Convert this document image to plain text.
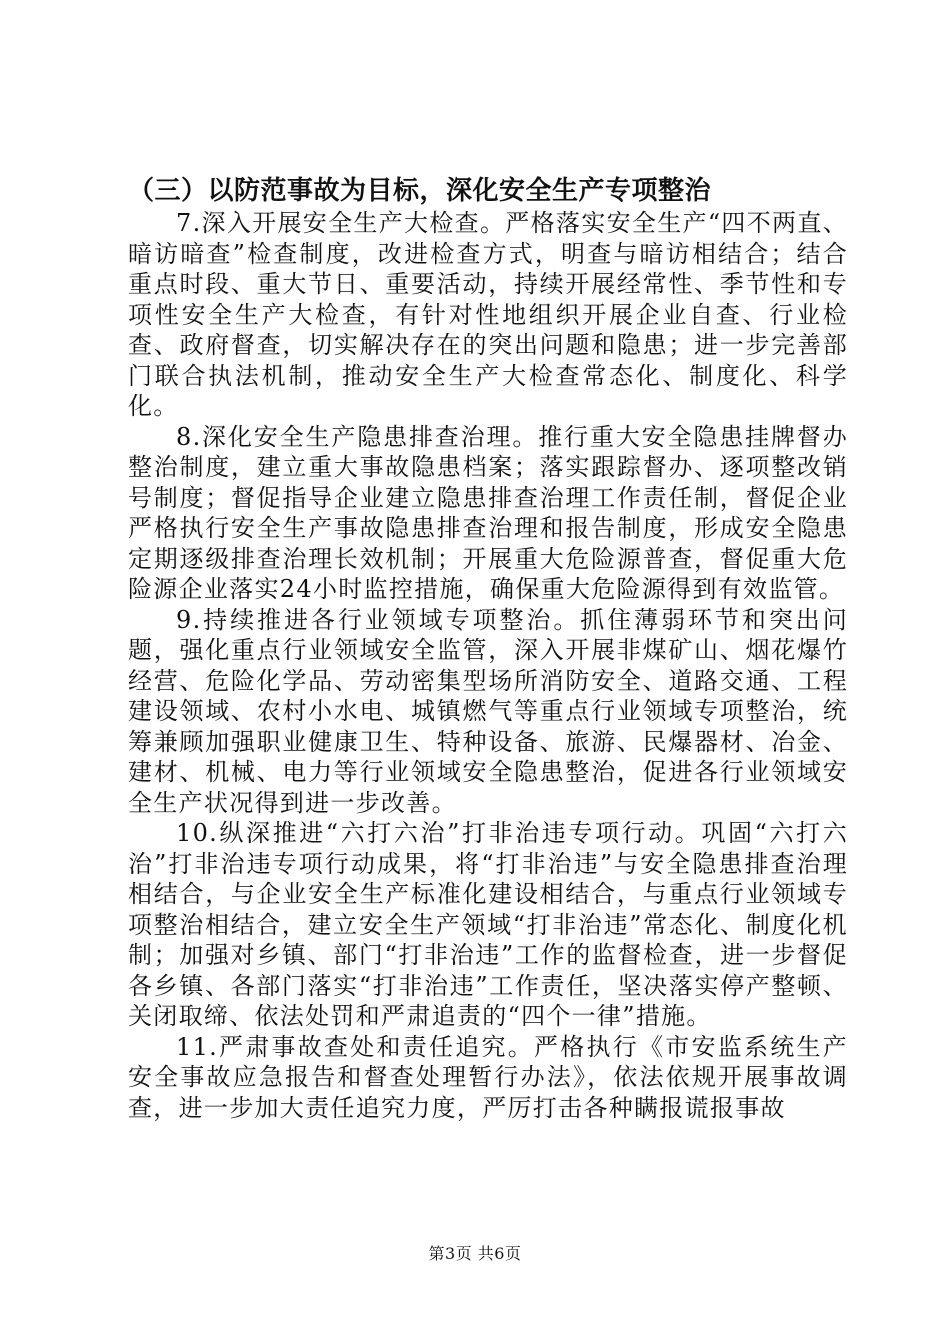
（三）以防范事故为目标，深化安全生产专项整治

7.深入开展安全生产大检查。严格落实安全生产“四不两直、暗访暗查”检查制度，改进检查方式，明查与暗访相结合；结合重点时段、重大节日、重要活动，持续开展经常性、季节性和专项性安全生产大检查，有针对性地组织开展企业自查、行业检查、政府督查，切实解决存在的突出问题和隐患；进一步完善部门联合执法机制，推动安全生产大检查常态化、制度化、科学化。

8.深化安全生产隐患排查治理。推行重大安全隐患挂牌督办整治制度，建立重大事故隐患档案；落实跟踪督办、逐项整改销号制度；督促指导企业建立隐患排查治理工作责任制，督促企业严格执行安全生产事故隐患排查治理和报告制度，形成安全隐患定期逐级排查治理长效机制；开展重大危险源普查，督促重大危险源企业落实24小时监控措施，确保重大危险源得到有效监管。

9.持续推进各行业领域专项整治。抓住薄弱环节和突出问题，强化重点行业领域安全监管，深入开展非煤矿山、烟花爆竹经营、危险化学品、劳动密集型场所消防安全、道路交通、工程建设领域、农村小水电、城镇燃气等重点行业领域专项整治，统筹兼顾加强职业健康卫生、特种设备、旅游、民爆器材、冶金、建材、机械、电力等行业领域安全隐患整治，促进各行业领域安全生产状况得到进一步改善。

10.纵深推进“六打六治”打非治违专项行动。巩固“六打六治”打非治违专项行动成果，将“打非治违”与安全隐患排查治理相结合，与企业安全生产标准化建设相结合，与重点行业领域专项整治相结合，建立安全生产领域“打非治违”常态化、制度化机制；加强对乡镇、部门“打非治违”工作的监督检查，进一步督促各乡镇、各部门落实“打非治违”工作责任，坚决落实停产整顿、关闭取缔、依法处罚和严肃追责的“四个一律”措施。

11.严肃事故查处和责任追究。严格执行《市安监系统生产安全事故应急报告和督查处理暂行办法》，依法依规开展事故调查，进一步加大责任追究力度，严厉打击各种瞒报谎报事故

第3页 共6页
